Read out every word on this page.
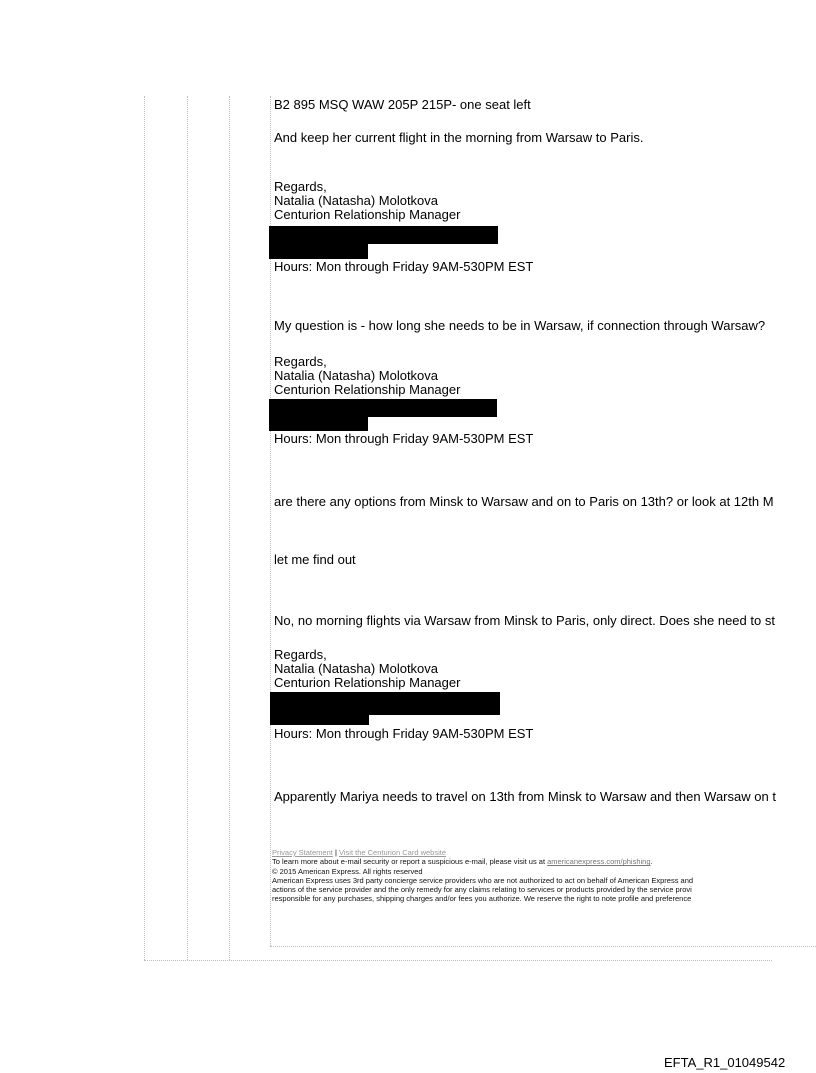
B2 895 MSQ WAW 205P 215P- one seat left
And keep her current flight in the morning from Warsaw to Paris.
Regards,
Natalia (Natasha) Molotkova
Centurion Relationship Manager
Hours: Mon through Friday 9AM-530PM EST
My question is - how long she needs to be in Warsaw, if connection through Warsaw?
Regards,
Natalia (Natasha) Molotkova
Centurion Relationship Manager
Hours: Mon through Friday 9AM-530PM EST
are there any options from Minsk to Warsaw and on to Paris on 13th? or look at 12th M
let me find out
No, no morning flights via Warsaw from Minsk to Paris, only direct. Does she need to st
Regards,
Natalia (Natasha) Molotkova
Centurion Relationship Manager
Hours: Mon through Friday 9AM-530PM EST
Apparently Mariya needs to travel on 13th from Minsk to Warsaw and then Warsaw on t
Privacy Statement | Visit the Centurion Card website
To learn more about e-mail security or report a suspicious e-mail, please visit us at americanexpress.com/phishing.
© 2015 American Express. All rights reserved
American Express uses 3rd party concierge service providers who are not authorized to act on behalf of American Express and
actions of the service provider and the only remedy for any claims relating to services or products provided by the service provi
responsible for any purchases, shipping charges and/or fees you authorize. We reserve the right to note profile and preference
EFTA_R1_01049542
